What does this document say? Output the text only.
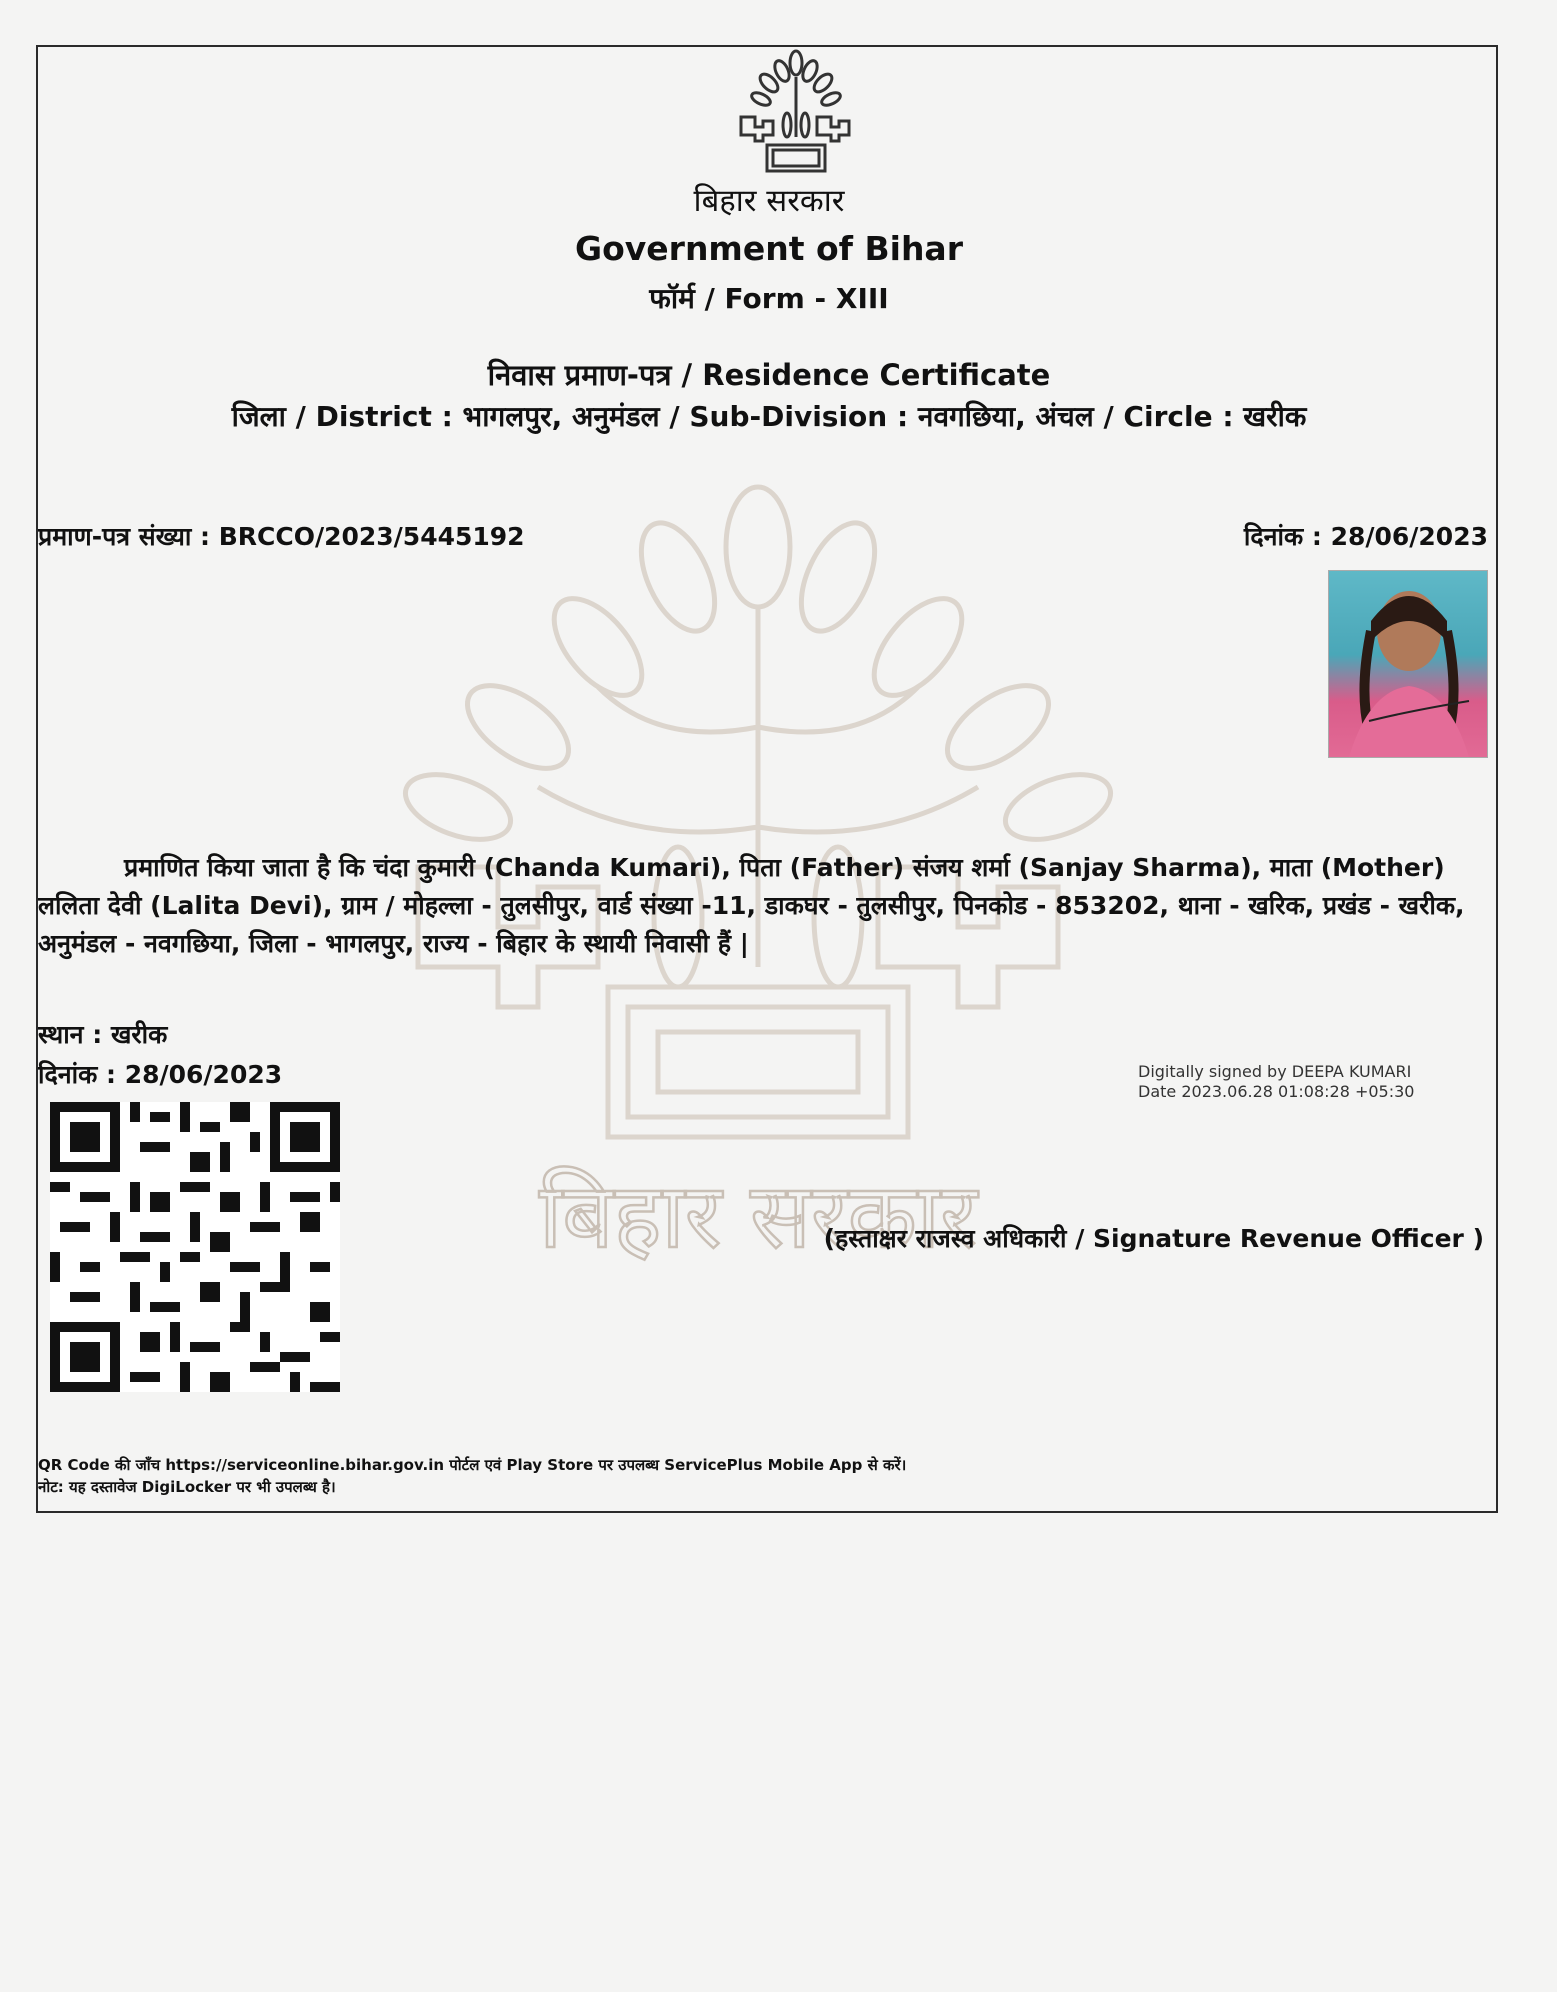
बिहार सरकार
बिहार सरकार
Government of Bihar
फॉर्म / Form - XIII
निवास प्रमाण-पत्र / Residence Certificate
जिला / District : भागलपुर, अनुमंडल / Sub-Division : नवगछिया, अंचल / Circle : खरीक
प्रमाण-पत्र संख्या : BRCCO/2023/5445192	दिनांक : 28/06/2023
प्रमाणित किया जाता है कि चंदा कुमारी (Chanda Kumari), पिता (Father) संजय शर्मा (Sanjay Sharma), माता (Mother) ललिता देवी (Lalita Devi), ग्राम / मोहल्ला - तुलसीपुर, वार्ड संख्या -11, डाकघर - तुलसीपुर, पिनकोड - 853202, थाना - खरिक, प्रखंड - खरीक, अनुमंडल - नवगछिया, जिला - भागलपुर, राज्य - बिहार के स्थायी निवासी हैं |
स्थान : खरीक
दिनांक : 28/06/2023	Digitally signed by DEEPA KUMARI
Date 2023.06.28 01:08:28 +05:30
(हस्ताक्षर राजस्व अधिकारी / Signature Revenue Officer )
QR Code की जाँच https://serviceonline.bihar.gov.in पोर्टल एवं Play Store पर उपलब्ध ServicePlus Mobile App से करें।
नोट: यह दस्तावेज DigiLocker पर भी उपलब्ध है।
